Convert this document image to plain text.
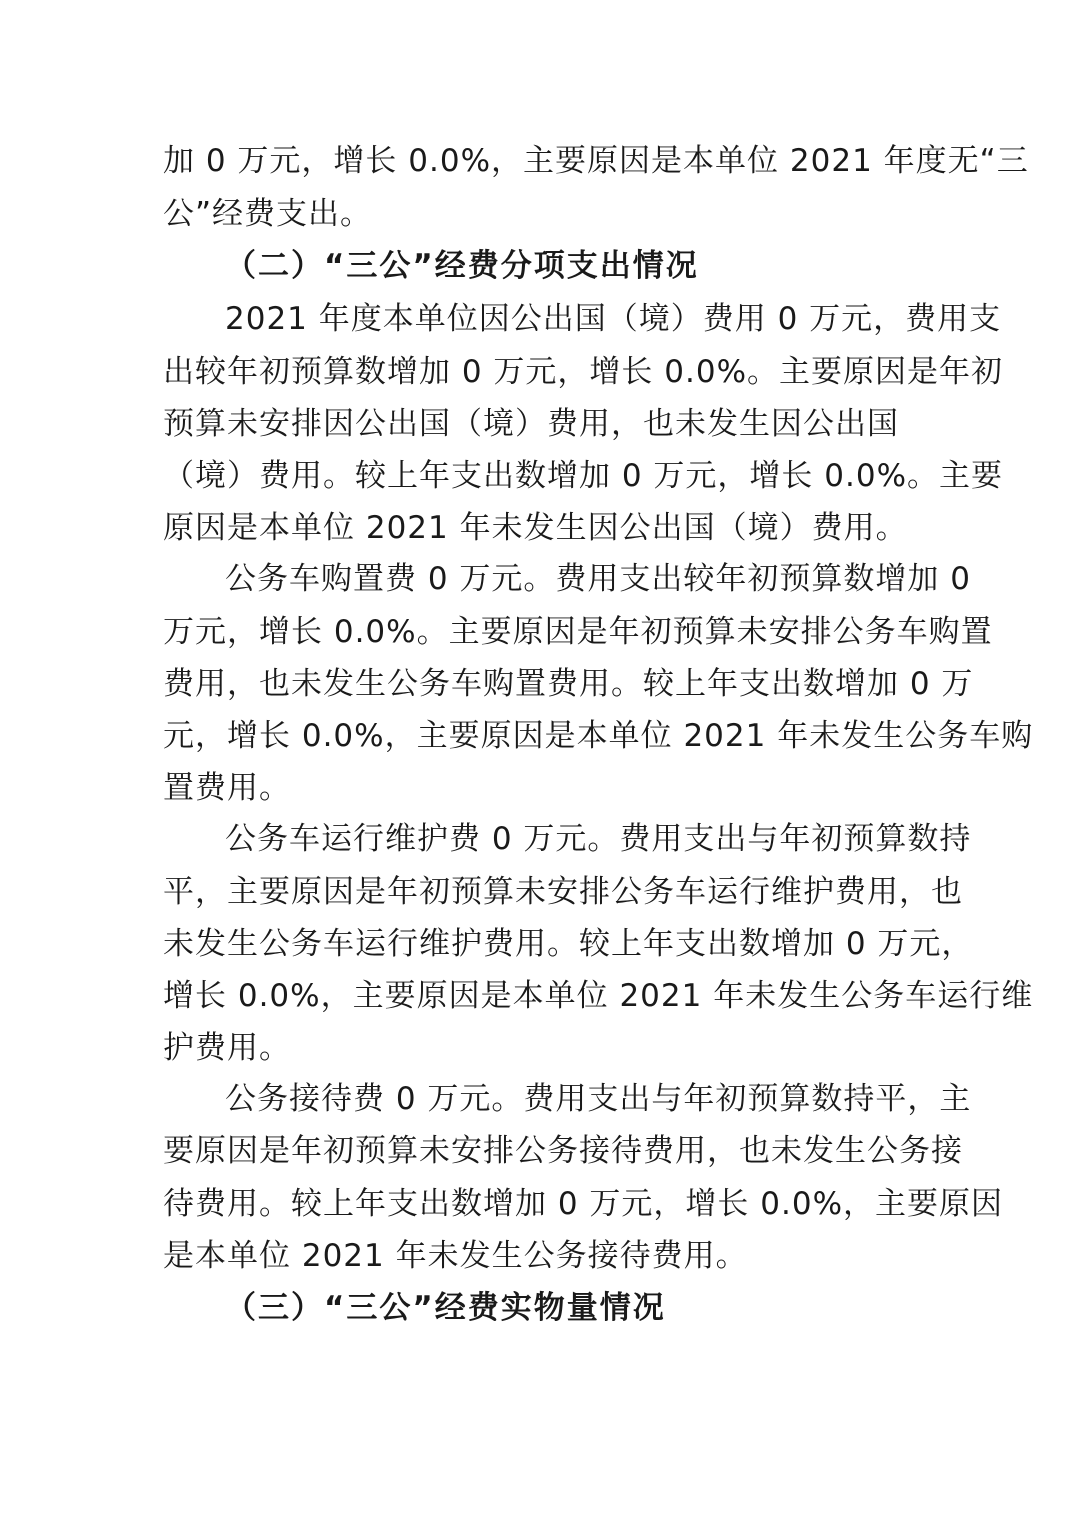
加 0 万元，增长 0.0%，主要原因是本单位 2021 年度无“三
公”经费支出。
（二）“三公”经费分项支出情况
2021 年度本单位因公出国（境）费用 0 万元，费用支
出较年初预算数增加 0 万元，增长 0.0%。主要原因是年初
预算未安排因公出国（境）费用，也未发生因公出国
（境）费用。较上年支出数增加 0 万元，增长 0.0%。主要
原因是本单位 2021 年未发生因公出国（境）费用。
公务车购置费 0 万元。费用支出较年初预算数增加 0
万元，增长 0.0%。主要原因是年初预算未安排公务车购置
费用，也未发生公务车购置费用。较上年支出数增加 0 万
元，增长 0.0%，主要原因是本单位 2021 年未发生公务车购
置费用。
公务车运行维护费 0 万元。费用支出与年初预算数持
平，主要原因是年初预算未安排公务车运行维护费用，也
未发生公务车运行维护费用。较上年支出数增加 0 万元，
增长 0.0%，主要原因是本单位 2021 年未发生公务车运行维
护费用。
公务接待费 0 万元。费用支出与年初预算数持平，主
要原因是年初预算未安排公务接待费用，也未发生公务接
待费用。较上年支出数增加 0 万元，增长 0.0%，主要原因
是本单位 2021 年未发生公务接待费用。
（三）“三公”经费实物量情况
